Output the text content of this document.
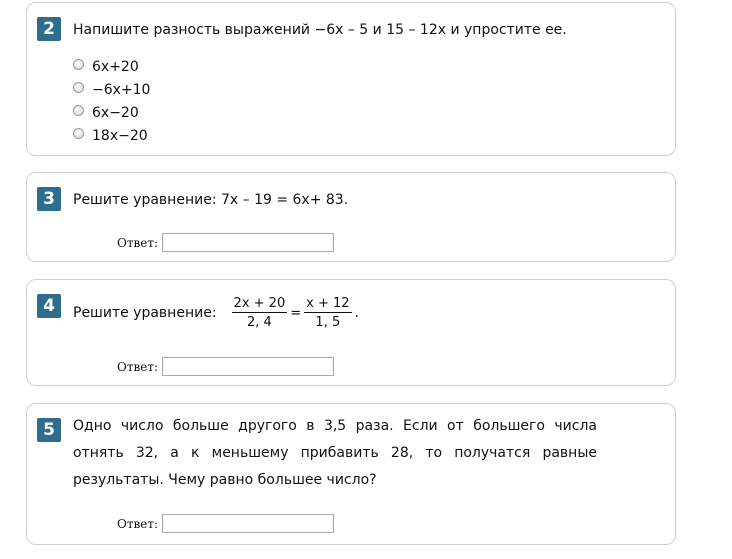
2	Напишите разность выражений −6x – 5 и 15 – 12x и упростите ее.
6x+20
−6x+10
6x−20
18x−20
3	Решите уравнение: 7x – 19 = 6x+ 83.
Ответ:
4	Решите уравнение: $\frac{2x + 20}{2, 4} = \frac{x + 12}{1, 5}$ .
Ответ:
5	Одно число больше другого в 3,5 раза. Если от большего числа отнять 32, а к меньшему прибавить 28, то получатся равные результаты. Чему равно большее число?
Ответ:
